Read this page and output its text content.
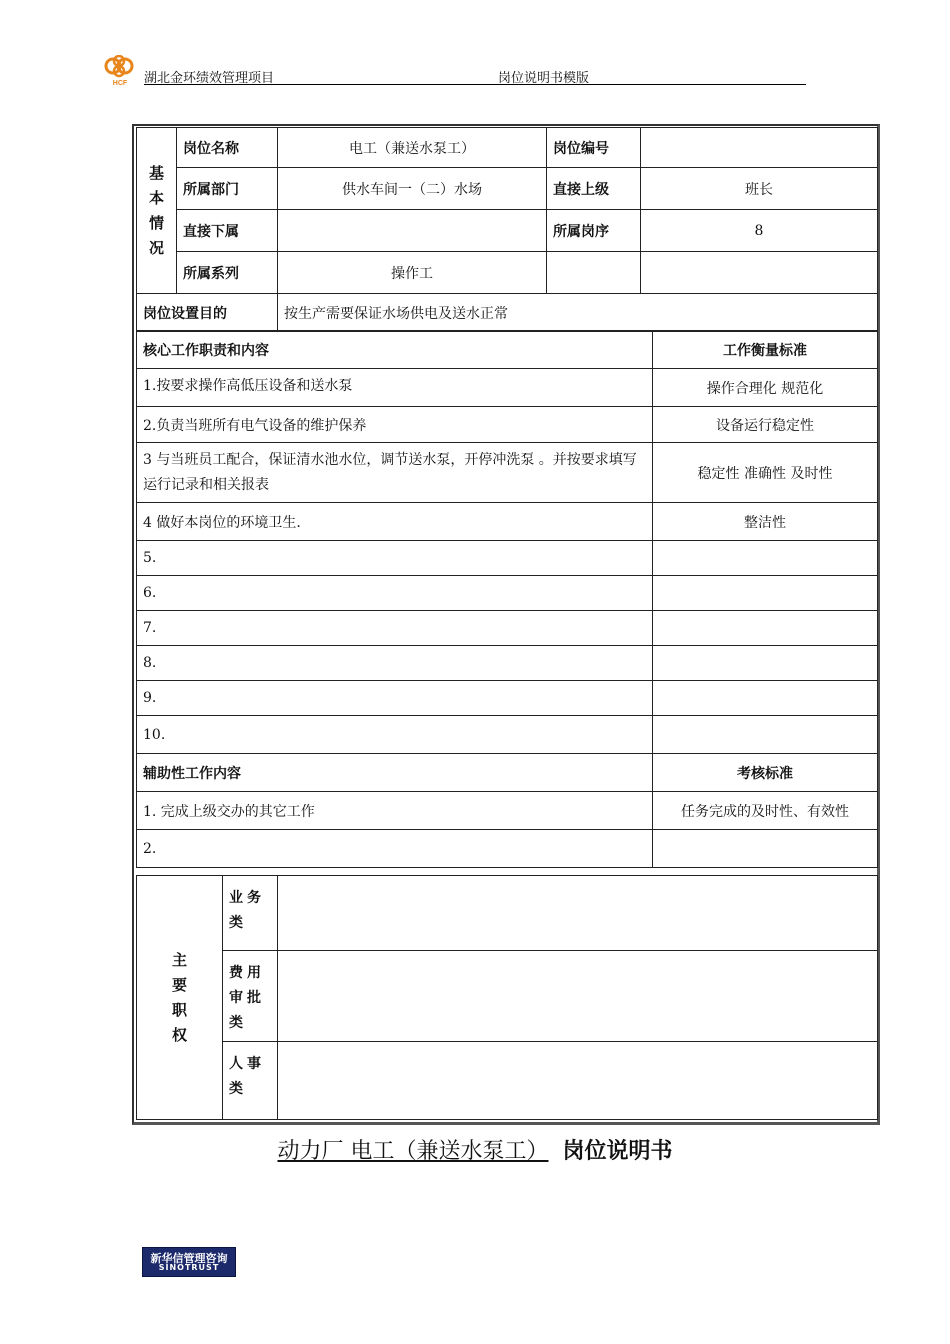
HCF 湖北金环绩效管理项目	岗位说明书模版
基
本
情
况	岗位名称	电工（兼送水泵工）	岗位编号	
	所属部门	供水车间一（二）水场	直接上级	班长
	直接下属		所属岗序	8
	所属系列	操作工		
岗位设置目的		按生产需要保证水场供电及送水正常		
核心工作职责和内容	工作衡量标准
1.按要求操作高低压设备和送水泵	操作合理化 规范化
2.负责当班所有电气设备的维护保养	设备运行稳定性
3 与当班员工配合，保证清水池水位，调节送水泵，开停冲洗泵 。并按要求填写运行记录和相关报表	稳定性 准确性 及时性
4 做好本岗位的环境卫生.	整洁性
5.	
6.	
7.	
8.	
9.	
10.	
辅助性工作内容	考核标准
1. 完成上级交办的其它工作	任务完成的及时性、有效性
2.	
主
要
职
权	业务类	
	费用审批类	
	人事类	
动力厂 电工（兼送水泵工） 岗位说明书
新华信管理咨询
SINOTRUST
